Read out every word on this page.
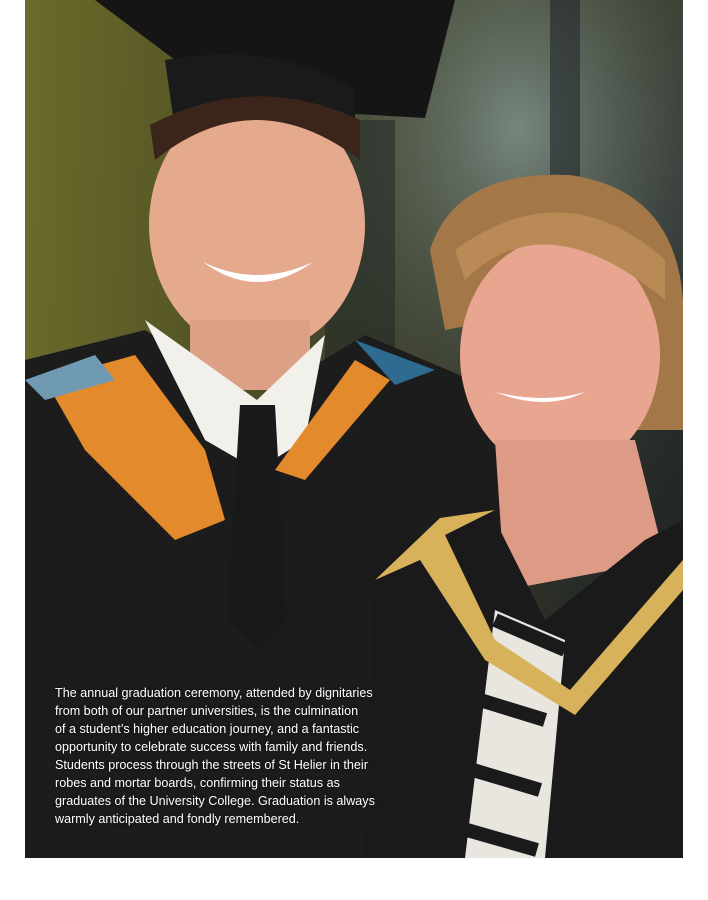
The annual graduation ceremony, attended by dignitaries
from both of our partner universities, is the culmination
of a student’s higher education journey, and a fantastic
opportunity to celebrate success with family and friends.
Students process through the streets of St Helier in their
robes and mortar boards, confirming their status as
graduates of the University College. Graduation is always
warmly anticipated and fondly remembered.
